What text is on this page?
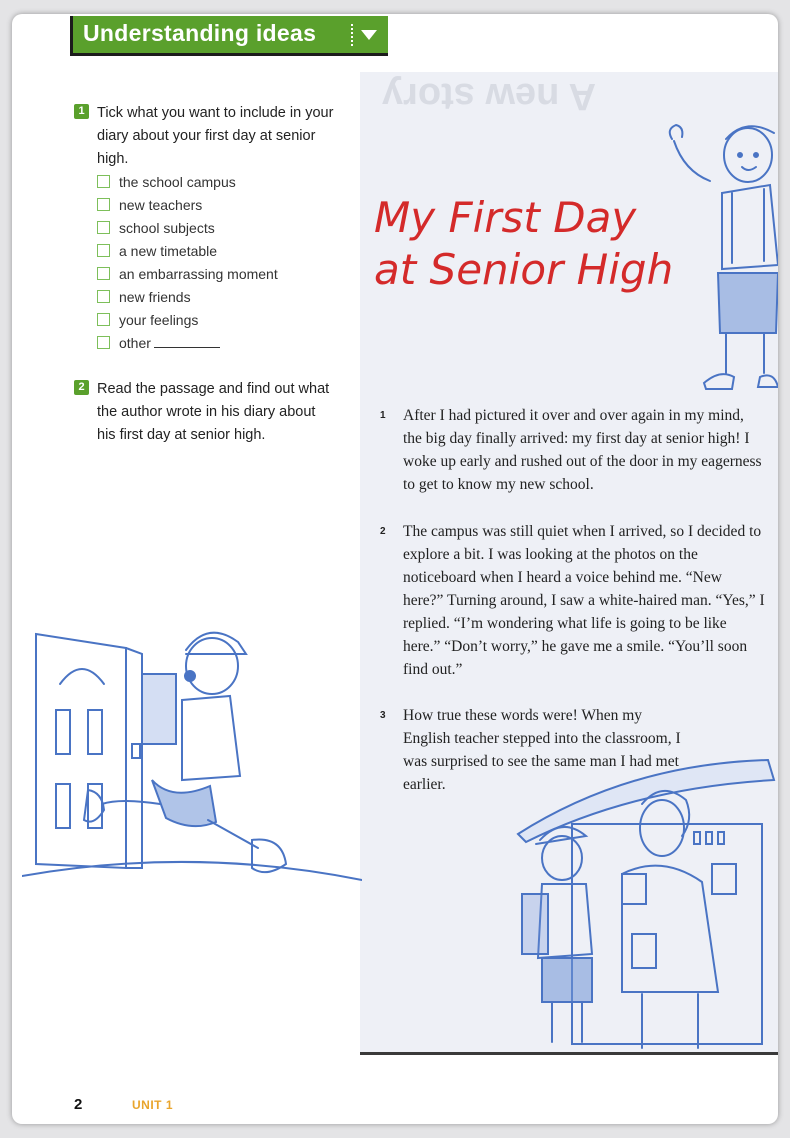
A new story
Understanding ideas
1 Tick what you want to include in your diary about your first day at senior high.
the school campus
new teachers
school subjects
a new timetable
an embarrassing moment
new friends
your feelings
other
2 Read the passage and find out what the author wrote in his diary about his first day at senior high.
My First Day
at Senior High
1 After I had pictured it over and over again in my mind, the big day finally arrived: my first day at senior high! I woke up early and rushed out of the door in my eagerness to get to know my new school.
2 The campus was still quiet when I arrived, so I decided to explore a bit. I was looking at the photos on the noticeboard when I heard a voice behind me. “New here?” Turning around, I saw a white-haired man. “Yes,” I replied. “I’m wondering what life is going to be like here.” “Don’t worry,” he gave me a smile. “You’ll soon find out.”
3 How true these words were! When my English teacher stepped into the classroom, I was surprised to see the same man I had met earlier.
2	UNIT 1
